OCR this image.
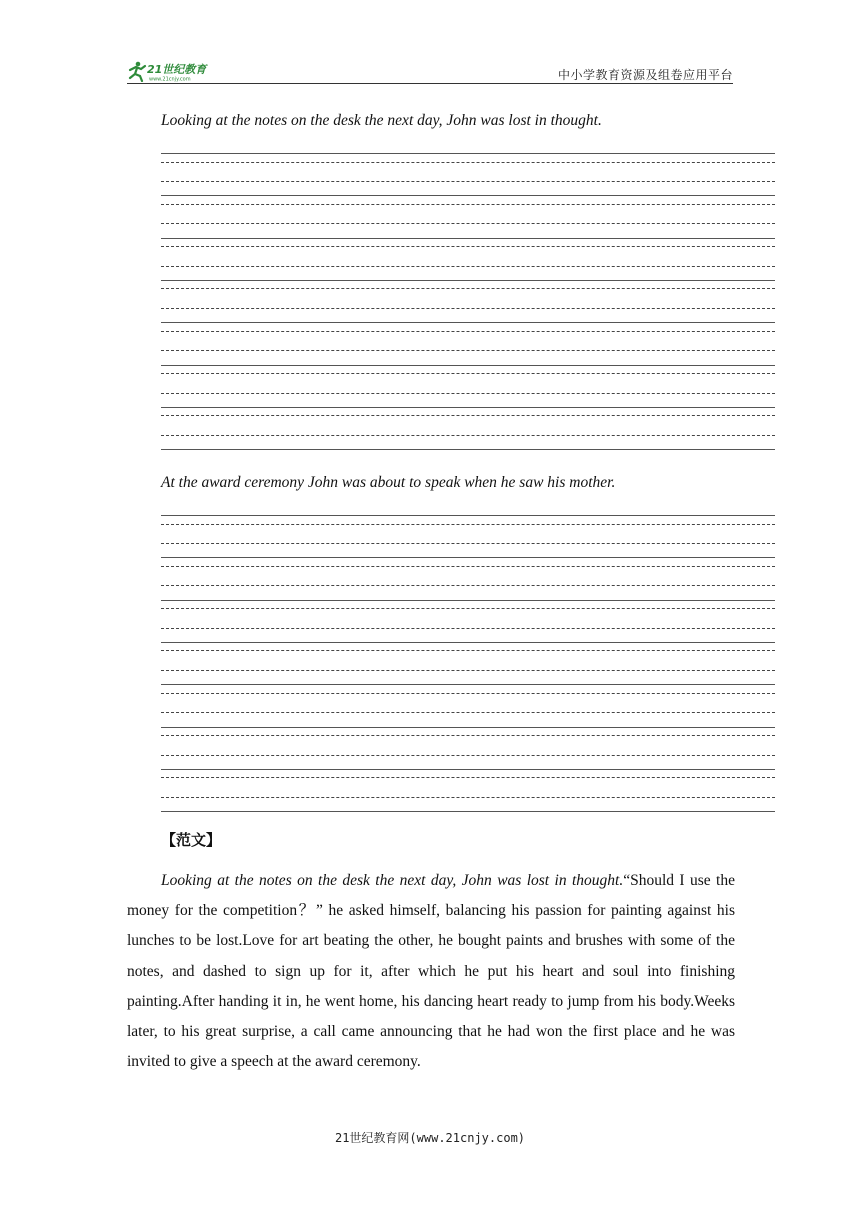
21世纪教育
www.21cnjy.com	中小学教育资源及组卷应用平台
Looking at the notes on the desk the next day, John was lost in thought.
At the award ceremony John was about to speak when he saw his mother.
【范文】
Looking at the notes on the desk the next day, John was lost in thought.“Should I use the money for the competition？” he asked himself, balancing his passion for painting against his lunches to be lost.Love for art beating the other, he bought paints and brushes with some of the notes, and dashed to sign up for it, after which he put his heart and soul into finishing painting.After handing it in, he went home, his dancing heart ready to jump from his body.Weeks later, to his great surprise, a call came announcing that he had won the first place and he was invited to give a speech at the award ceremony.
21世纪教育网(www.21cnjy.com)
